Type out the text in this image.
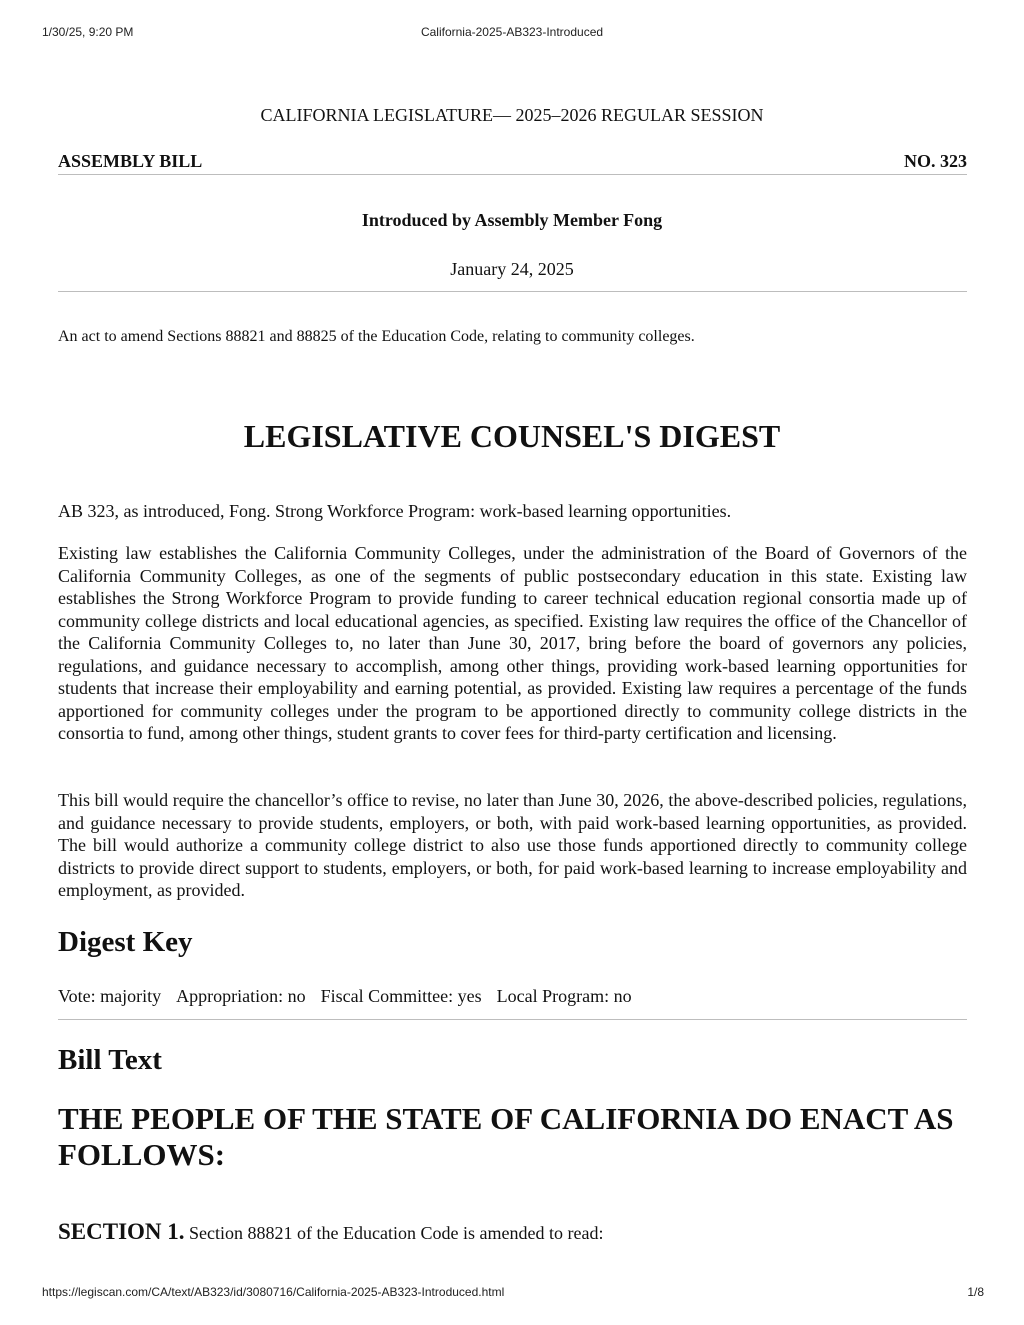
1/30/25, 9:20 PM	California-2025-AB323-Introduced
CALIFORNIA LEGISLATURE— 2025–2026 REGULAR SESSION
ASSEMBLY BILL	NO. 323
Introduced by Assembly Member Fong
January 24, 2025
An act to amend Sections 88821 and 88825 of the Education Code, relating to community colleges.
LEGISLATIVE COUNSEL'S DIGEST
AB 323, as introduced, Fong. Strong Workforce Program: work-based learning opportunities.

Existing law establishes the California Community Colleges, under the administration of the Board of Governors of the California Community Colleges, as one of the segments of public postsecondary education in this state. Existing law establishes the Strong Workforce Program to provide funding to career technical education regional consortia made up of community college districts and local educational agencies, as specified. Existing law requires the office of the Chancellor of the California Community Colleges to, no later than June 30, 2017, bring before the board of governors any policies, regulations, and guidance necessary to accomplish, among other things, providing work-based learning opportunities for students that increase their employability and earning potential, as provided. Existing law requires a percentage of the funds apportioned for community colleges under the program to be apportioned directly to community college districts in the consortia to fund, among other things, student grants to cover fees for third-party certification and licensing.

This bill would require the chancellor’s office to revise, no later than June 30, 2026, the above-described policies, regulations, and guidance necessary to provide students, employers, or both, with paid work-based learning opportunities, as provided. The bill would authorize a community college district to also use those funds apportioned directly to community college districts to provide direct support to students, employers, or both, for paid work-based learning to increase employability and employment, as provided.

Digest Key
Vote: majority Appropriation: no Fiscal Committee: yes Local Program: no
Bill Text
THE PEOPLE OF THE STATE OF CALIFORNIA DO ENACT AS FOLLOWS:
SECTION 1. Section 88821 of the Education Code is amended to read:
https://legiscan.com/CA/text/AB323/id/3080716/California-2025-AB323-Introduced.html	1/8
